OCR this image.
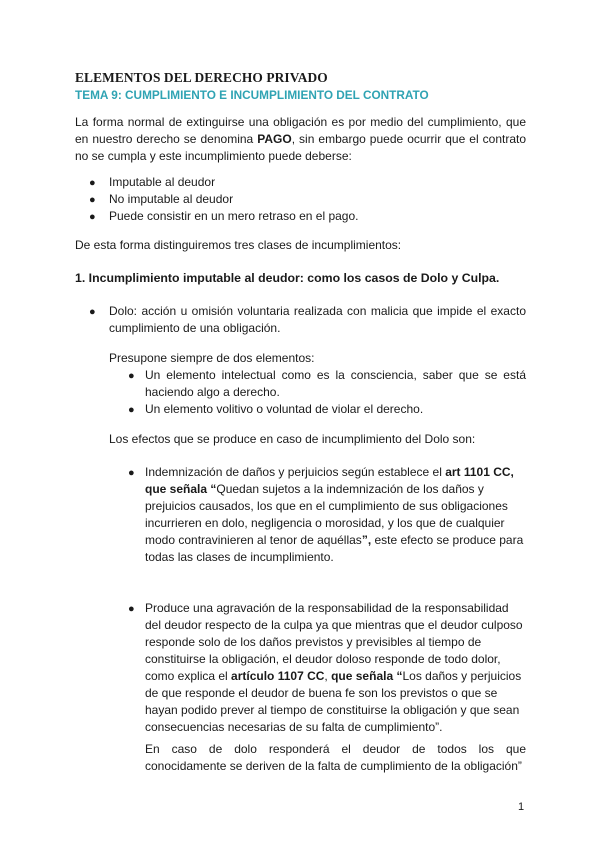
ELEMENTOS DEL DERECHO PRIVADO
TEMA 9: CUMPLIMIENTO E INCUMPLIMIENTO DEL CONTRATO
La forma normal de extinguirse una obligación es por medio del cumplimiento, que
en nuestro derecho se denomina PAGO, sin embargo puede ocurrir que el contrato
no se cumpla y este incumplimiento puede deberse:
● Imputable al deudor
● No imputable al deudor
● Puede consistir en un mero retraso en el pago.
De esta forma distinguiremos tres clases de incumplimientos:
1. Incumplimiento imputable al deudor: como los casos de Dolo y Culpa.
● Dolo: acción u omisión voluntaria realizada con malicia que impide el exacto
cumplimiento de una obligación.
Presupone siempre de dos elementos:
● Un elemento intelectual como es la consciencia, saber que se está
haciendo algo a derecho.
● Un elemento volitivo o voluntad de violar el derecho.
Los efectos que se produce en caso de incumplimiento del Dolo son:
● Indemnización de daños y perjuicios según establece el art 1101 CC,
que señala “Quedan sujetos a la indemnización de los daños y
prejuicios causados, los que en el cumplimiento de sus obligaciones
incurrieren en dolo, negligencia o morosidad, y los que de cualquier
modo contravinieren al tenor de aquéllas”, este efecto se produce para
todas las clases de incumplimiento.
● Produce una agravación de la responsabilidad de la responsabilidad
del deudor respecto de la culpa ya que mientras que el deudor culposo
responde solo de los daños previstos y previsibles al tiempo de
constituirse la obligación, el deudor doloso responde de todo dolor,
como explica el artículo 1107 CC, que señala “Los daños y perjuicios
de que responde el deudor de buena fe son los previstos o que se
hayan podido prever al tiempo de constituirse la obligación y que sean
consecuencias necesarias de su falta de cumplimiento”.
En caso de dolo responderá el deudor de todos los que
conocidamente se deriven de la falta de cumplimiento de la obligación”
1
